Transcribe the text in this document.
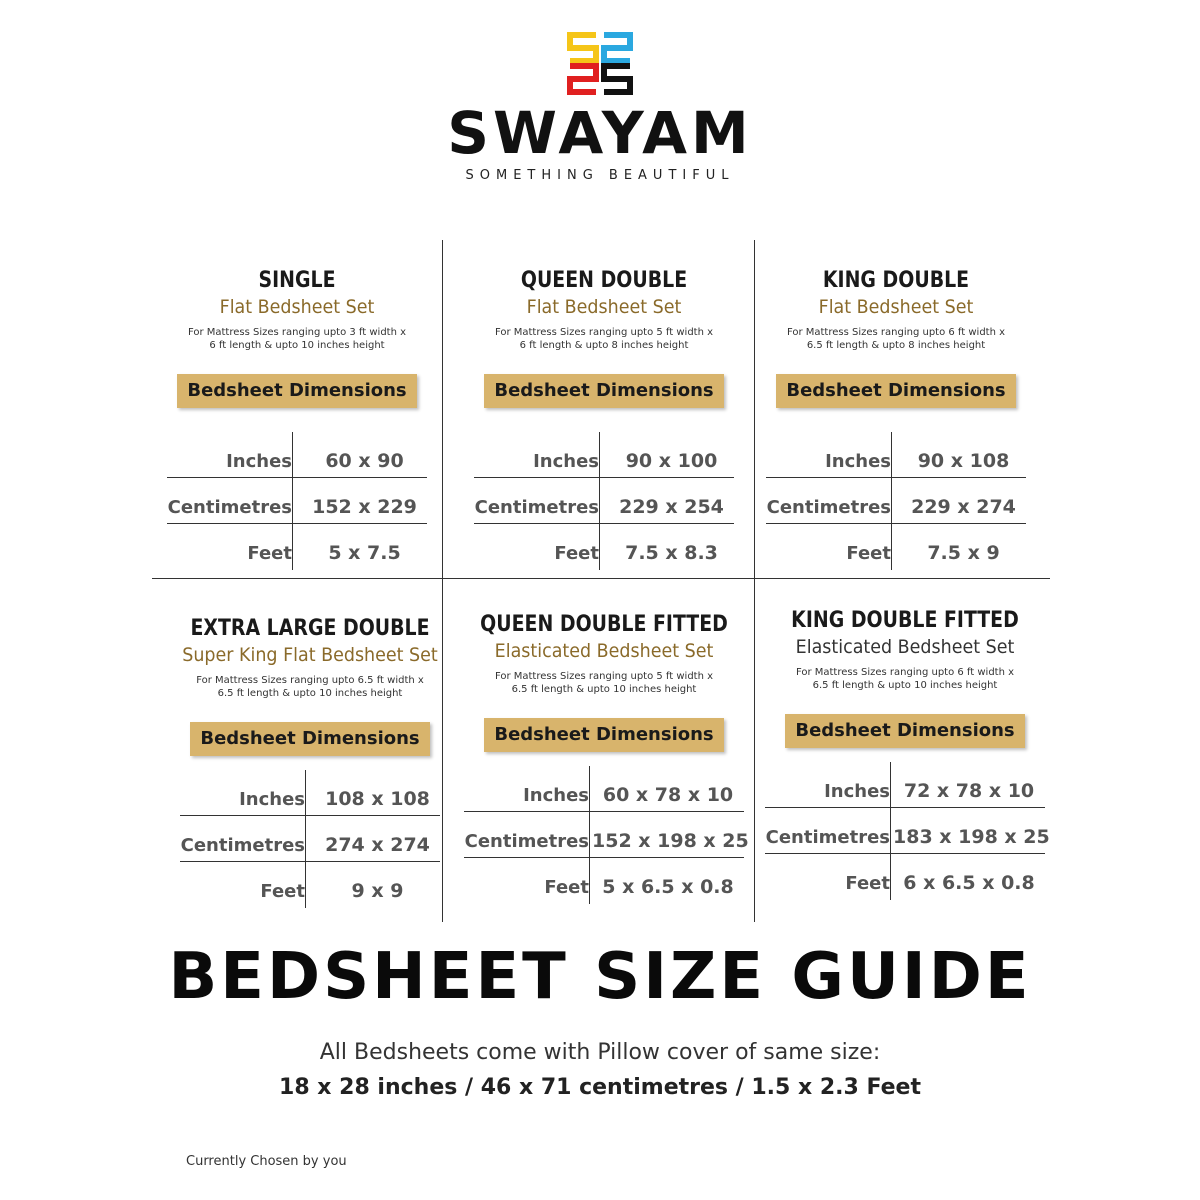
SWAYAM
SOMETHING BEAUTIFUL
SINGLE
Flat Bedsheet Set
For Mattress Sizes ranging upto 3 ft width x
6 ft length & upto 10 inches height
Bedsheet Dimensions
Inches	60 x 90
Centimetres	152 x 229
Feet	5 x 7.5
QUEEN DOUBLE
Flat Bedsheet Set
For Mattress Sizes ranging upto 5 ft width x
6 ft length & upto 8 inches height
Bedsheet Dimensions
Inches	90 x 100
Centimetres	229 x 254
Feet	7.5 x 8.3
KING DOUBLE
Flat Bedsheet Set
For Mattress Sizes ranging upto 6 ft width x
6.5 ft length & upto 8 inches height
Bedsheet Dimensions
Inches	90 x 108
Centimetres	229 x 274
Feet	7.5 x 9
EXTRA LARGE DOUBLE
Super King Flat Bedsheet Set
For Mattress Sizes ranging upto 6.5 ft width x
6.5 ft length & upto 10 inches height
Bedsheet Dimensions
Inches	108 x 108
Centimetres	274 x 274
Feet	9 x 9
QUEEN DOUBLE FITTED
Elasticated Bedsheet Set
For Mattress Sizes ranging upto 5 ft width x
6.5 ft length & upto 10 inches height
Bedsheet Dimensions
Inches 60 x 78 x 10
Centimetres 152 x 198 x 25
Feet 5 x 6.5 x 0.8
KING DOUBLE FITTED
Elasticated Bedsheet Set
For Mattress Sizes ranging upto 6 ft width x
6.5 ft length & upto 10 inches height
Bedsheet Dimensions
Inches 72 x 78 x 10
Centimetres 183 x 198 x 25
Feet 6 x 6.5 x 0.8
BEDSHEET SIZE GUIDE
All Bedsheets come with Pillow cover of same size:
18 x 28 inches / 46 x 71 centimetres / 1.5 x 2.3 Feet
Currently Chosen by you
